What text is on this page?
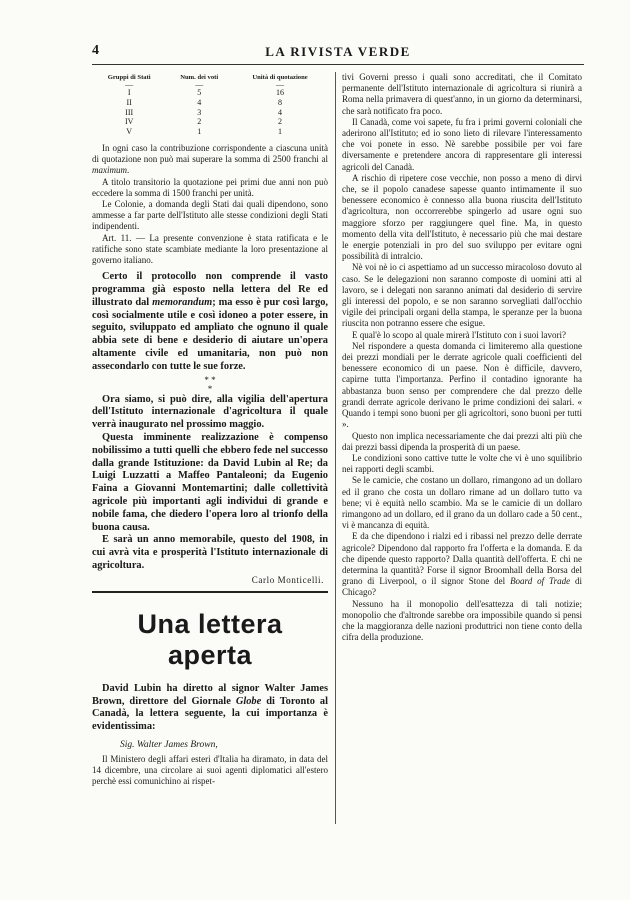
4	LA RIVISTA VERDE
Gruppi di Stati	Num. dei voti	Unità di quotazione
—	—	—
I	5	16
II	4	8
III	3	4
IV	2	2
V	1	1

In ogni caso la contribuzione corrispondente a ciascuna unità di quotazione non può mai superare la somma di 2500 franchi al maximum.

A titolo transitorio la quotazione pei primi due anni non può eccedere la somma di 1500 franchi per unità.

Le Colonie, a domanda degli Stati dai quali dipendono, sono ammesse a far parte dell'Istituto alle stesse condizioni degli Stati indipendenti.

Art. 11. — La presente convenzione è stata ratificata e le ratifiche sono state scambiate mediante la loro presentazione al governo italiano.

Certo il protocollo non comprende il vasto programma già esposto nella lettera del Re ed illustrato dal memorandum; ma esso è pur così largo, così socialmente utile e così idoneo a poter essere, in seguito, sviluppato ed ampliato che ognuno il quale abbia sete di bene e desiderio di aiutare un'opera altamente civile ed umanitaria, non può non assecondarlo con tutte le sue forze.

* *
*

Ora siamo, si può dire, alla vigilia dell'apertura dell'Istituto internazionale d'agricoltura il quale verrà inaugurato nel prossimo maggio.

Questa imminente realizzazione è compenso nobilissimo a tutti quelli che ebbero fede nel successo dalla grande Istituzione: da David Lubin al Re; da Luigi Luzzatti a Maffeo Pantaleoni; da Eugenio Faina a Giovanni Montemartini; dalle collettività agricole più importanti agli individui di grande e nobile fama, che diedero l'opera loro al trionfo della buona causa.

E sarà un anno memorabile, questo del 1908, in cui avrà vita e prosperità l'Istituto internazionale di agricoltura.

Carlo Monticelli.
Una lettera aperta

David Lubin ha diretto al signor Walter James Brown, direttore del Giornale Globe di Toronto al Canadà, la lettera seguente, la cui importanza è evidentissima:

Sig. Walter James Brown,

Il Ministero degli affari esteri d'Italia ha diramato, in data del 14 dicembre, una circolare ai suoi agenti diplomatici all'estero perchè essi comunichino ai rispet-

tivi Governi presso i quali sono accreditati, che il Comitato permanente dell'Istituto internazionale di agricoltura si riunirà a Roma nella primavera di quest'anno, in un giorno da determinarsi, che sarà notificato fra poco.

Il Canadà, come voi sapete, fu fra i primi governi coloniali che aderirono all'Istituto; ed io sono lieto di rilevare l'interessamento che voi ponete in esso. Nè sarebbe possibile per voi fare diversamente e pretendere ancora di rappresentare gli interessi agricoli del Canadà.

A rischio di ripetere cose vecchie, non posso a meno di dirvi che, se il popolo canadese sapesse quanto intimamente il suo benessere economico è connesso alla buona riuscita dell'Istituto d'agricoltura, non occorrerebbe spingerlo ad usare ogni suo maggiore sforzo per raggiungere quel fine. Ma, in questo momento della vita dell'Istituto, è necessario più che mai destare le energie potenziali in pro del suo sviluppo per evitare ogni possibilità di intralcio.

Nè voi nè io ci aspettiamo ad un successo miracoloso dovuto al caso. Se le delegazioni non saranno composte di uomini atti al lavoro, se i delegati non saranno animati dal desiderio di servire gli interessi del popolo, e se non saranno sorvegliati dall'occhio vigile dei principali organi della stampa, le speranze per la buona riuscita non potranno essere che esigue.

E qual'è lo scopo al quale mirerà l'Istituto con i suoi lavori?

Nel rispondere a questa domanda ci limiteremo alla questione dei prezzi mondiali per le derrate agricole quali coefficienti del benessere economico di un paese. Non è difficile, davvero, capirne tutta l'importanza. Perfino il contadino ignorante ha abbastanza buon senso per comprendere che dal prezzo delle grandi derrate agricole derivano le prime condizioni dei salari. « Quando i tempi sono buoni per gli agricoltori, sono buoni per tutti ».

Questo non implica necessariamente che dai prezzi alti più che dai prezzi bassi dipenda la prosperità di un paese.

Le condizioni sono cattive tutte le volte che vi è uno squilibrio nei rapporti degli scambi.

Se le camicie, che costano un dollaro, rimangono ad un dollaro ed il grano che costa un dollaro rimane ad un dollaro tutto va bene; vi è equità nello scambio. Ma se le camicie di un dollaro rimangono ad un dollaro, ed il grano da un dollaro cade a 50 cent., vi è mancanza di equità.

E da che dipendono i rialzi ed i ribassi nel prezzo delle derrate agricole? Dipendono dal rapporto fra l'offerta e la domanda. E da che dipende questo rapporto? Dalla quantità dell'offerta. E chi ne determina la quantità? Forse il signor Broomhall della Borsa del grano di Liverpool, o il signor Stone del Board of Trade di Chicago?

Nessuno ha il monopolio dell'esattezza di tali notizie; monopolio che d'altronde sarebbe ora impossibile quando si pensi che la maggioranza delle nazioni produttrici non tiene conto della cifra della produzione.
